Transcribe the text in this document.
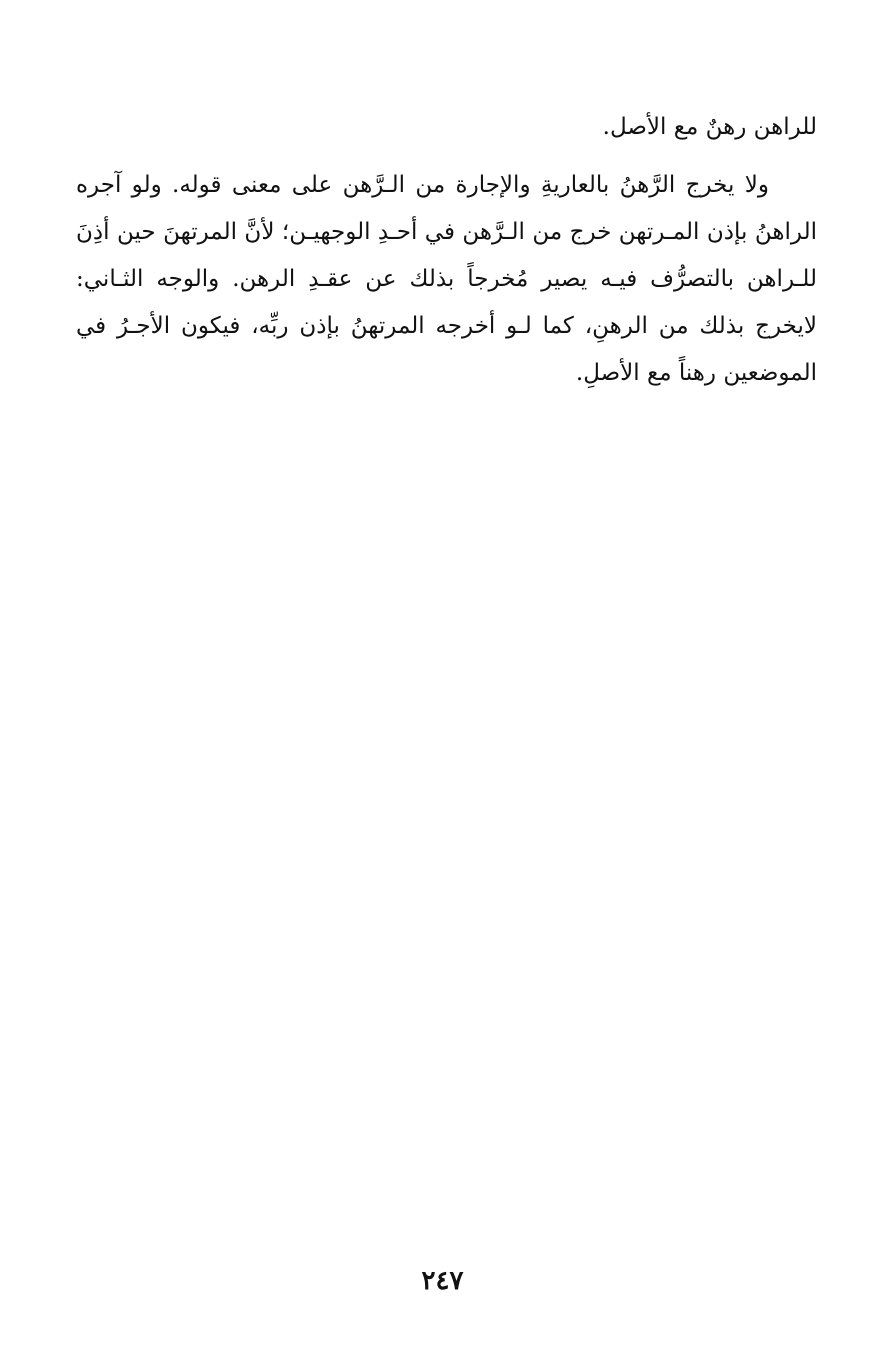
للراهن رهنٌ مع الأصل.

ولا يخرج الرَّهنُ بالعاريةِ والإجارة من الـرَّهن على معنى قوله. ولو آجره الراهنُ بإذن المـرتهن خرج من الـرَّهن في أحـدِ الوجهيـن؛ لأنَّ المرتهنَ حين أذِنَ للـراهن بالتصرُّف فيـه يصير مُخرجاً بذلك عن عقـدِ الرهن. والوجه الثـاني: لايخرج بذلك من الرهنِ، كما لـو أخرجه المرتهنُ بإذن ربِّه، فيكون الأجـرُ في الموضعين رهناً مع الأصلِ.

٢٤٧
